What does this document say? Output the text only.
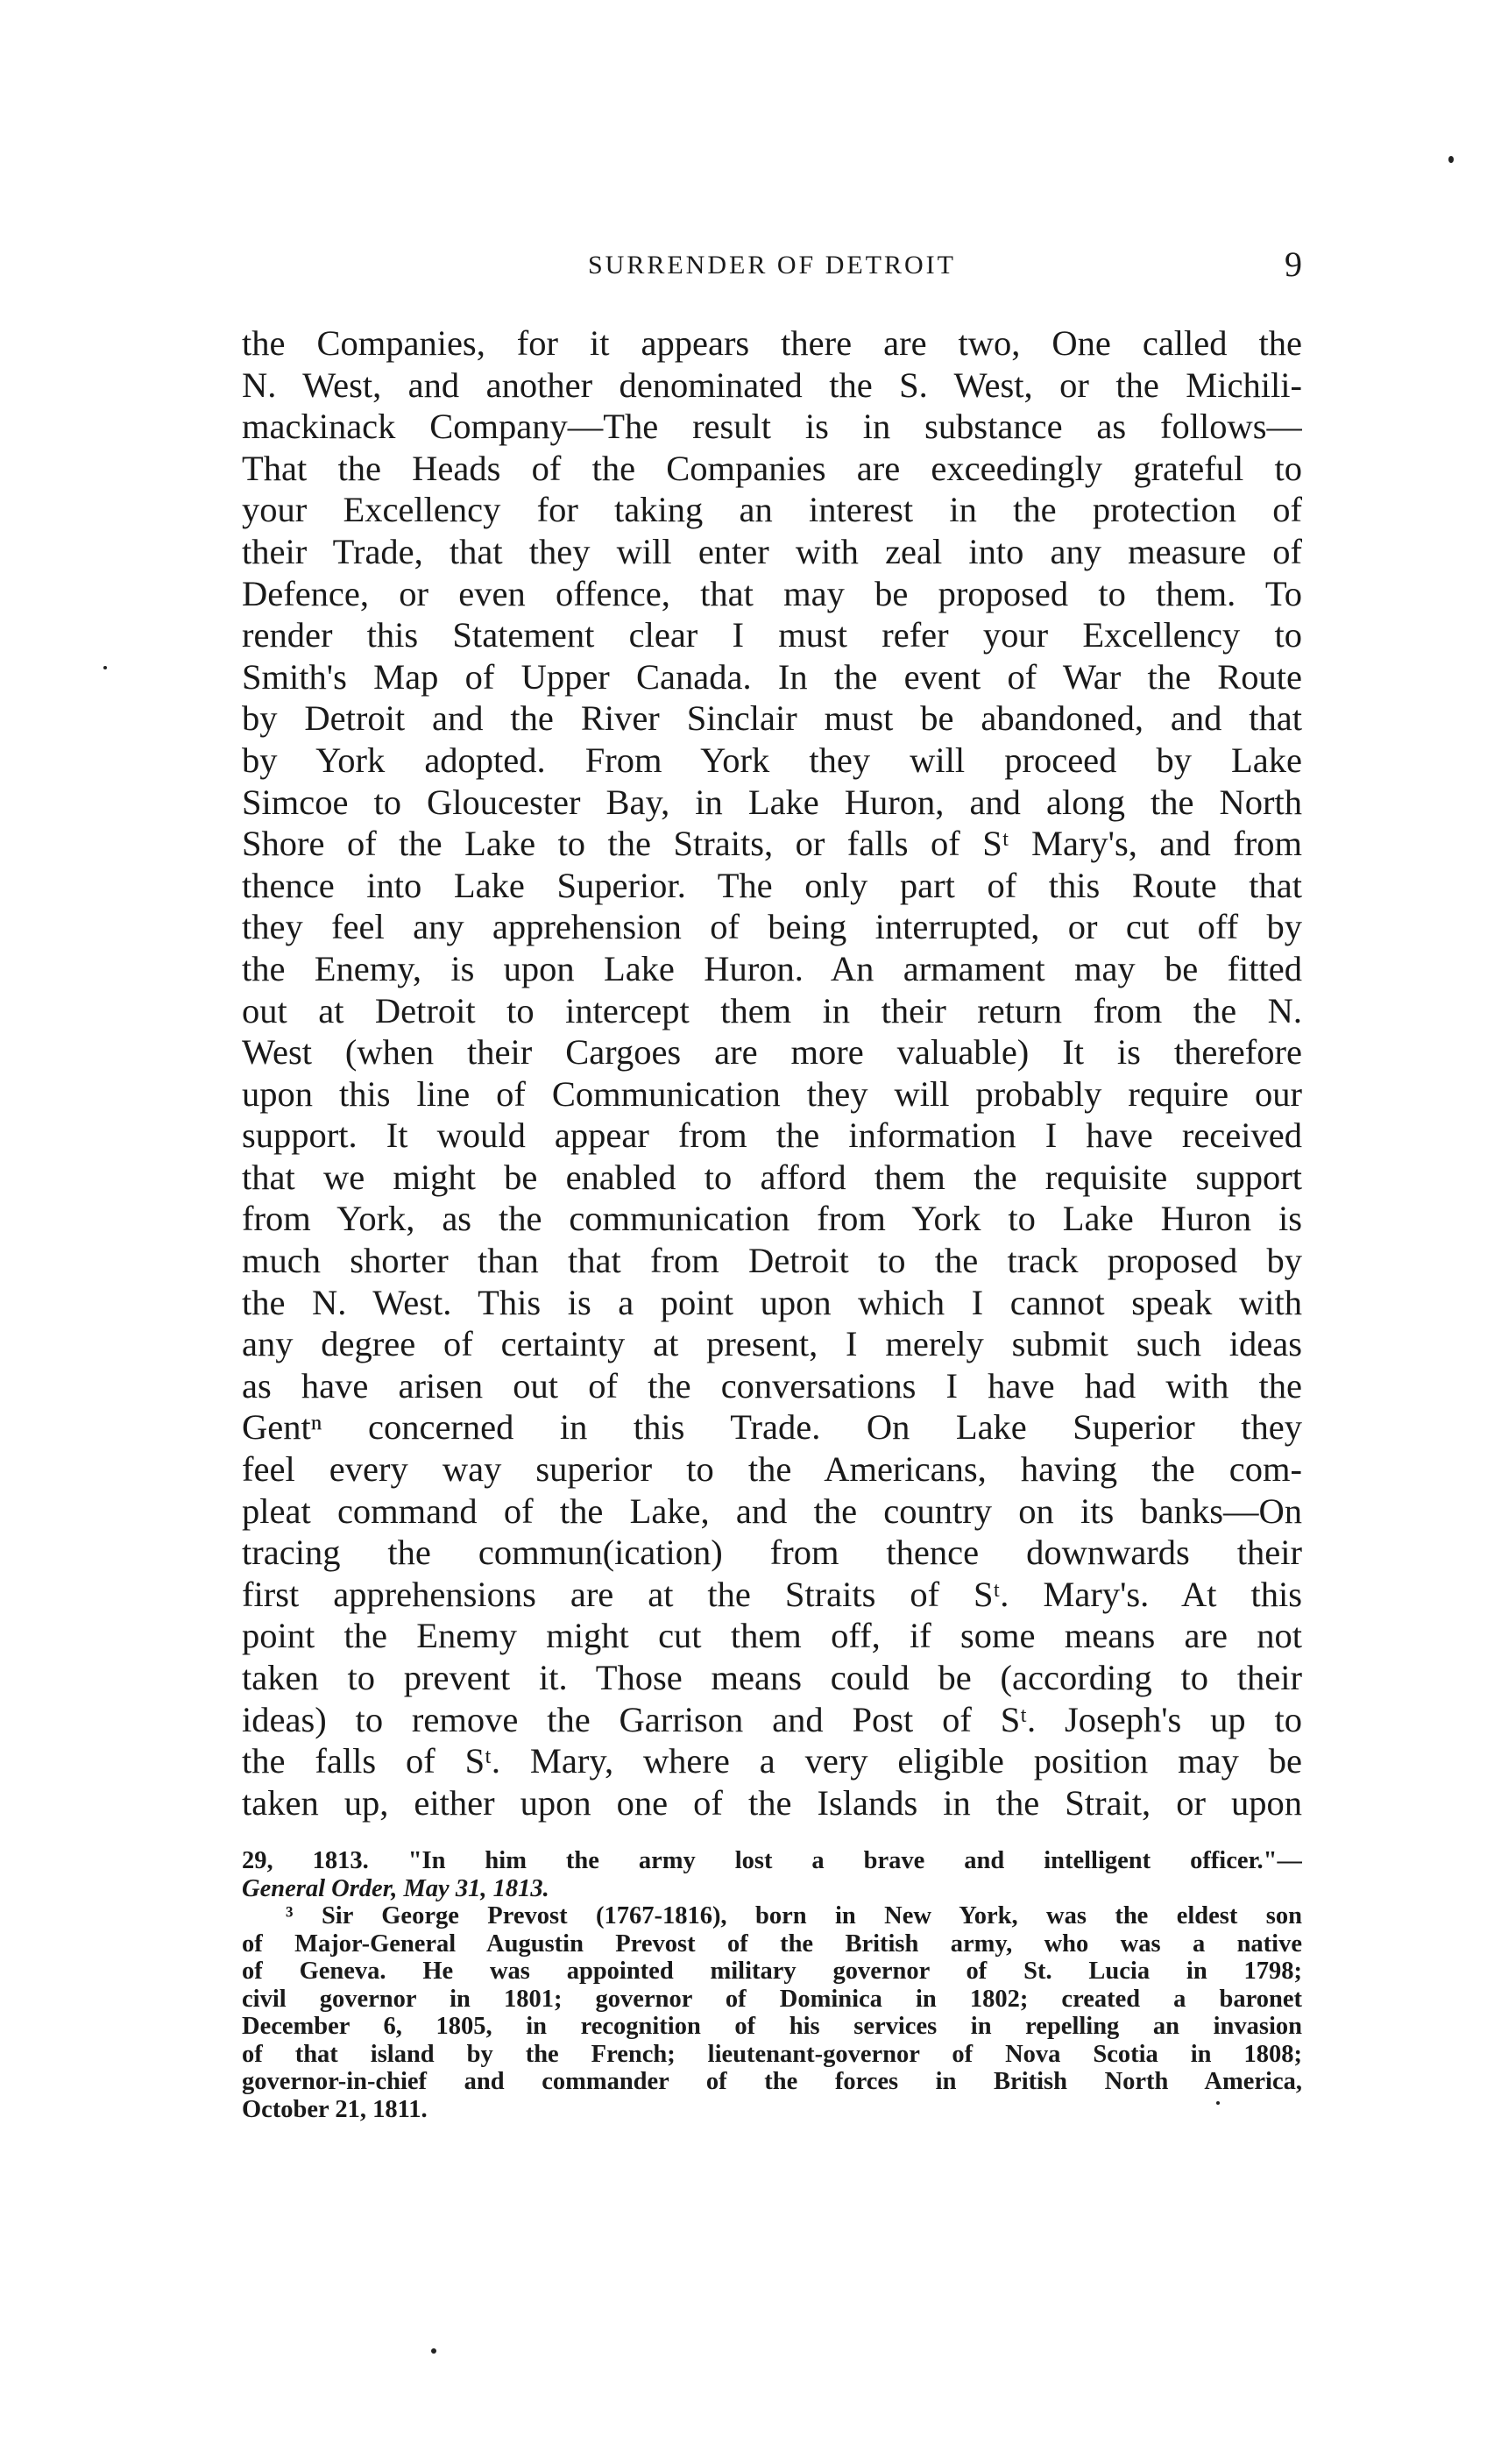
SURRENDER OF DETROIT	9
the Companies, for it appears there are two, One called the
N. West, and another denominated the S. West, or the Michili-
mackinack Company—The result is in substance as follows—
That the Heads of the Companies are exceedingly grateful to
your Excellency for taking an interest in the protection of
their Trade, that they will enter with zeal into any measure of
Defence, or even offence, that may be proposed to them. To
render this Statement clear I must refer your Excellency to
Smith's Map of Upper Canada. In the event of War the Route
by Detroit and the River Sinclair must be abandoned, and that
by York adopted. From York they will proceed by Lake
Simcoe to Gloucester Bay, in Lake Huron, and along the North
Shore of the Lake to the Straits, or falls of Sᵗ Mary's, and from
thence into Lake Superior. The only part of this Route that
they feel any apprehension of being interrupted, or cut off by
the Enemy, is upon Lake Huron. An armament may be fitted
out at Detroit to intercept them in their return from the N.
West (when their Cargoes are more valuable) It is therefore
upon this line of Communication they will probably require our
support. It would appear from the information I have received
that we might be enabled to afford them the requisite support
from York, as the communication from York to Lake Huron is
much shorter than that from Detroit to the track proposed by
the N. West. This is a point upon which I cannot speak with
any degree of certainty at present, I merely submit such ideas
as have arisen out of the conversations I have had with the
Gentⁿ concerned in this Trade. On Lake Superior they
feel every way superior to the Americans, having the com-
pleat command of the Lake, and the country on its banks—On
tracing the commun(ication) from thence downwards their
first apprehensions are at the Straits of Sᵗ. Mary's. At this
point the Enemy might cut them off, if some means are not
taken to prevent it. Those means could be (according to their
ideas) to remove the Garrison and Post of Sᵗ. Joseph's up to
the falls of Sᵗ. Mary, where a very eligible position may be
taken up, either upon one of the Islands in the Strait, or upon
29, 1813. "In him the army lost a brave and intelligent officer."—
General Order, May 31, 1813.
³ Sir George Prevost (1767-1816), born in New York, was the eldest son
of Major-General Augustin Prevost of the British army, who was a native
of Geneva. He was appointed military governor of St. Lucia in 1798;
civil governor in 1801; governor of Dominica in 1802; created a baronet
December 6, 1805, in recognition of his services in repelling an invasion
of that island by the French; lieutenant-governor of Nova Scotia in 1808;
governor-in-chief and commander of the forces in British North America,
October 21, 1811.
